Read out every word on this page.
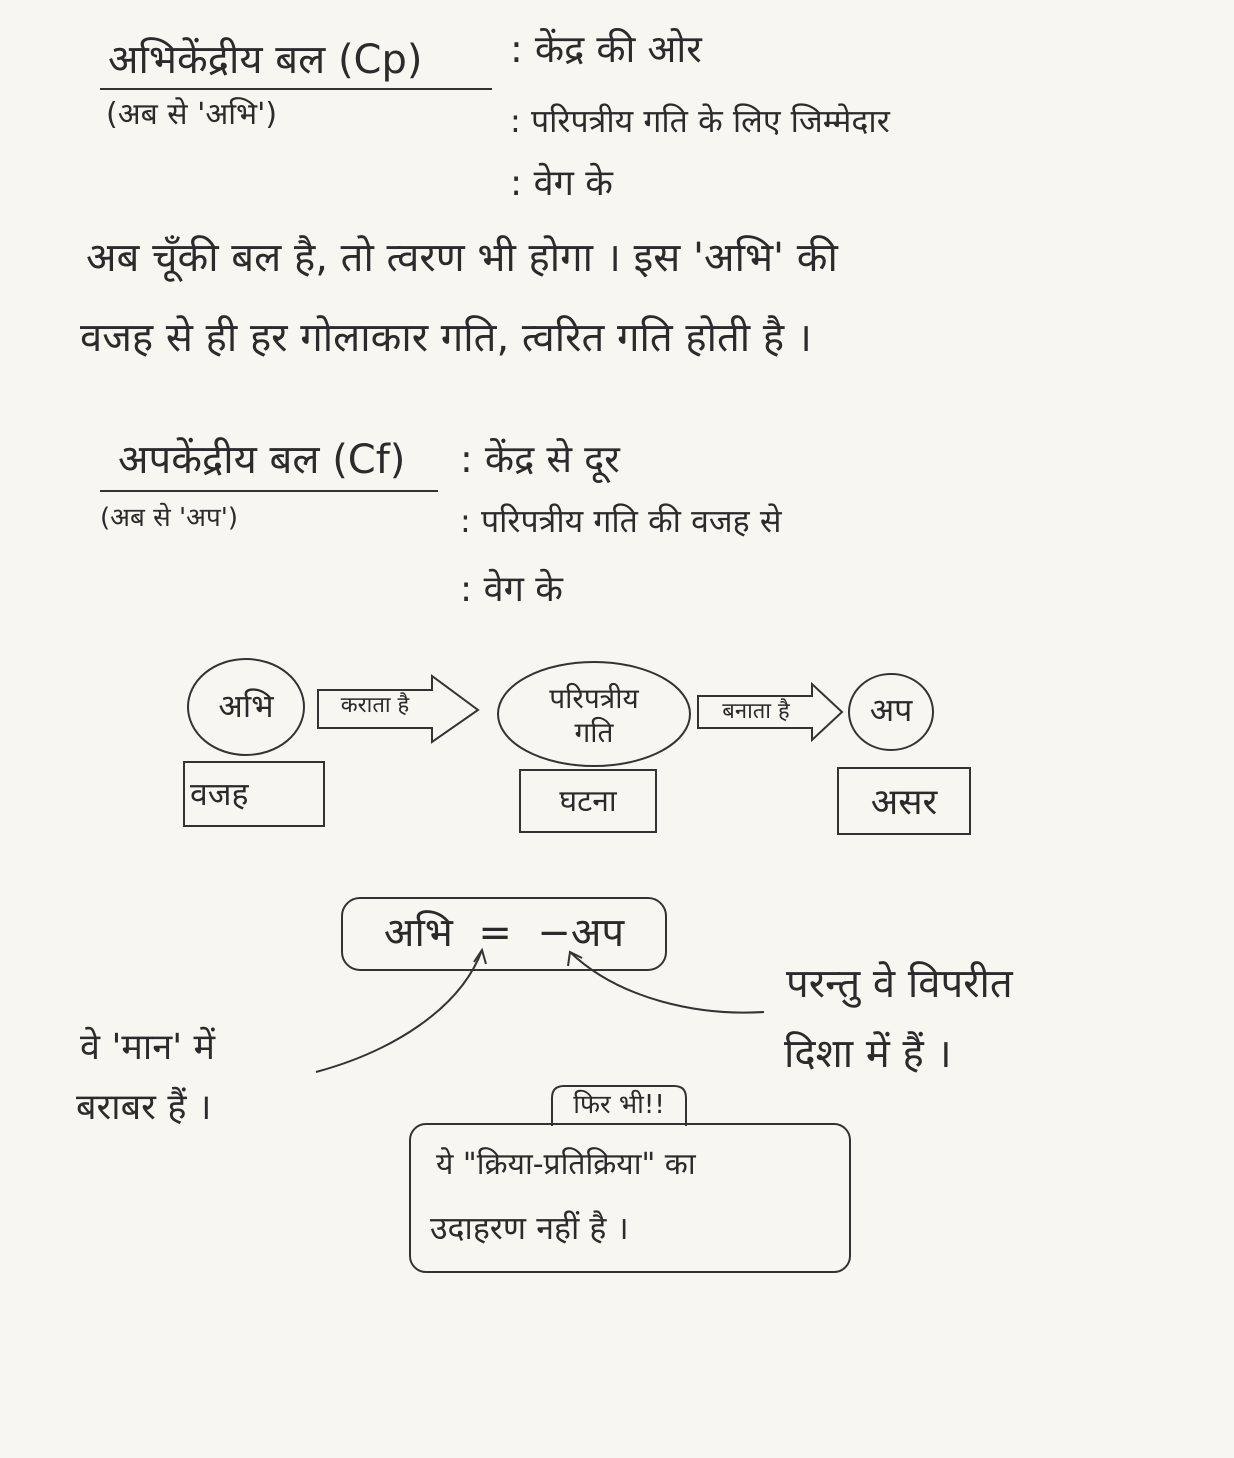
अभिकेंद्रीय बल (Cp)
(अब से 'अभि')
: केंद्र की ओर
: परिपत्रीय गति के लिए जिम्मेदार
: वेग के
अब चूँकी बल है, तो त्वरण भी होगा । इस 'अभि' की
वजह से ही हर गोलाकार गति, त्वरित गति होती है ।
अपकेंद्रीय बल (Cf)
(अब से 'अप')
: केंद्र से दूर
: परिपत्रीय गति की वजह से
: वेग के
अभि	कराता है	परिपत्रीय
गति
बनाता है	अप
वजह	घटना	असर
अभि  =  −अप
वे 'मान' में
बराबर हैं ।
परन्तु वे विपरीत
दिशा में हैं ।
फिर भी!!
ये "क्रिया-प्रतिक्रिया" का
उदाहरण नहीं है ।
